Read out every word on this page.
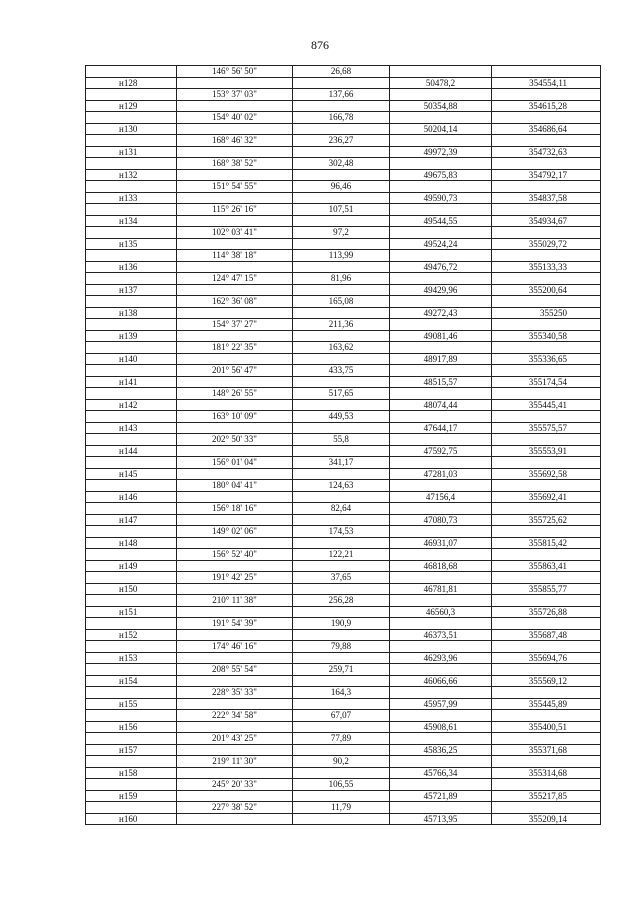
876
	146° 56' 50"	26,68		
н128			50478,2	354554,11
	153° 37' 03"	137,66		
н129			50354,88	354615,28
	154° 40' 02"	166,78		
н130			50204,14	354686,64
	168° 46' 32"	236,27		
н131			49972,39	354732,63
	168° 38' 52"	302,48		
н132			49675,83	354792,17
	151° 54' 55"	96,46		
н133			49590,73	354837,58
	115° 26' 16"	107,51		
н134			49544,55	354934,67
	102° 03' 41"	97,2		
н135			49524,24	355029,72
	114° 38' 18"	113,99		
н136			49476,72	355133,33
	124° 47' 15"	81,96		
н137			49429,96	355200,64
	162° 36' 08"	165,08		
н138			49272,43	355250
	154° 37' 27"	211,36		
н139			49081,46	355340,58
	181° 22' 35"	163,62		
н140			48917,89	355336,65
	201° 56' 47"	433,75		
н141			48515,57	355174,54
	148° 26' 55"	517,65		
н142			48074,44	355445,41
	163° 10' 09"	449,53		
н143			47644,17	355575,57
	202° 50' 33"	55,8		
н144			47592,75	355553,91
	156° 01' 04"	341,17		
н145			47281,03	355692,58
	180° 04' 41"	124,63		
н146			47156,4	355692,41
	156° 18' 16"	82,64		
н147			47080,73	355725,62
	149° 02' 06"	174,53		
н148			46931,07	355815,42
	156° 52' 40"	122,21		
н149			46818,68	355863,41
	191° 42' 25"	37,65		
н150			46781,81	355855,77
	210° 11' 38"	256,28		
н151			46560,3	355726,88
	191° 54' 39"	190,9		
н152			46373,51	355687,48
	174° 46' 16"	79,88		
н153			46293,96	355694,76
	208° 55' 54"	259,71		
н154			46066,66	355569,12
	228° 35' 33"	164,3		
н155			45957,99	355445,89
	222° 34' 58"	67,07		
н156			45908,61	355400,51
	201° 43' 25"	77,89		
н157			45836,25	355371,68
	219° 11' 30"	90,2		
н158			45766,34	355314,68
	245° 20' 33"	106,55		
н159			45721,89	355217,85
	227° 38' 52"	11,79		
н160			45713,95	355209,14
